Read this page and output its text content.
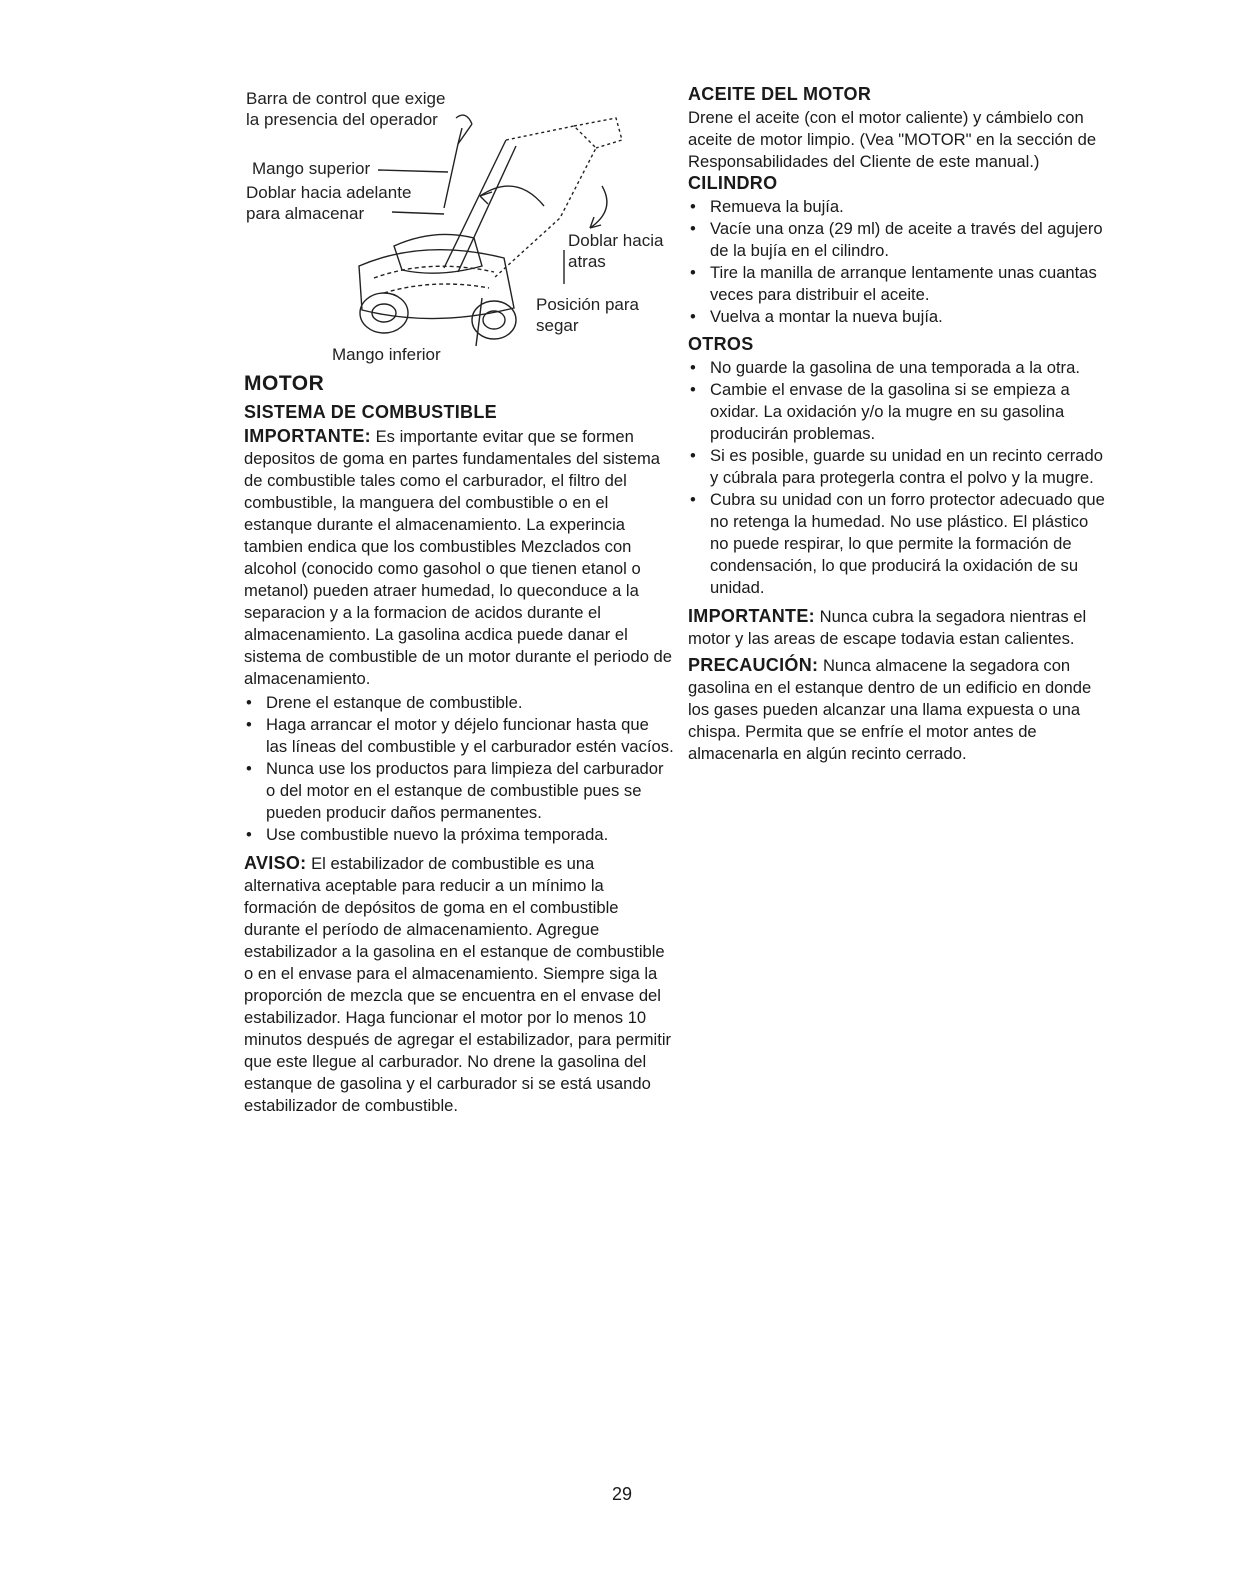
Barra de control que exige
la presencia del operador
Mango superior
Doblar hacia adelante
para almacenar
Doblar hacia
atras
Posición para
segar
Mango inferior
MOTOR
SISTEMA DE COMBUSTIBLE

IMPORTANTE: Es importante evitar que se formen depositos de goma en partes fundamentales del sistema de combustible tales como el carburador, el filtro del combustible, la manguera del combustible o en el estanque durante el almacenamiento. La experincia tambien endica que los combustibles Mezclados con alcohol (conocido como gasohol o que tienen etanol o metanol) pueden atraer humedad, lo queconduce a la separacion y a la formacion de acidos durante el almacenamiento. La gasolina acdica puede danar el sistema de combustible de un motor durante el periodo de almacenamiento.

• Drene el estanque de combustible.
• Haga arrancar el motor y déjelo funcionar hasta que las líneas del combustible y el carburador estén vacíos.
• Nunca use los productos para limpieza del carburador o del motor en el estanque de combustible pues se pueden producir daños permanentes.
• Use combustible nuevo la próxima temporada.

AVISO: El estabilizador de combustible es una alternativa aceptable para reducir a un mínimo la formación de depósitos de goma en el combustible durante el período de almacenamiento. Agregue estabilizador a la gasolina en el estanque de combustible o en el envase para el almacenamiento. Siempre siga la proporción de mezcla que se encuentra en el envase del estabilizador. Haga funcionar el motor por lo menos 10 minutos después de agregar el estabilizador, para permitir que este llegue al carburador. No drene la gasolina del estanque de gasolina y el carburador si se está usando estabilizador de combustible.

ACEITE DEL MOTOR

Drene el aceite (con el motor caliente) y cámbielo con aceite de motor limpio. (Vea "MOTOR" en la sección de Responsabilidades del Cliente de este manual.)

CILINDRO
• Remueva la bujía.
• Vacíe una onza (29 ml) de aceite a través del agujero de la bujía en el cilindro.
• Tire la manilla de arranque lentamente unas cuantas veces para distribuir el aceite.
• Vuelva a montar la nueva bujía.
OTROS
• No guarde la gasolina de una temporada a la otra.
• Cambie el envase de la gasolina si se empieza a oxidar. La oxidación y/o la mugre en su gasolina producirán problemas.
• Si es posible, guarde su unidad en un recinto cerrado y cúbrala para protegerla contra el polvo y la mugre.
• Cubra su unidad con un forro protector adecuado que no retenga la humedad. No use plástico. El plástico no puede respirar, lo que permite la formación de condensación, lo que producirá la oxidación de su unidad.

IMPORTANTE: Nunca cubra la segadora nientras el motor y las areas de escape todavia estan calientes.

PRECAUCIÓN: Nunca almacene la segadora con gasolina en el estanque dentro de un edificio en donde los gases pueden alcanzar una llama expuesta o una chispa. Permita que se enfríe el motor antes de almacenarla en algún recinto cerrado.

29
